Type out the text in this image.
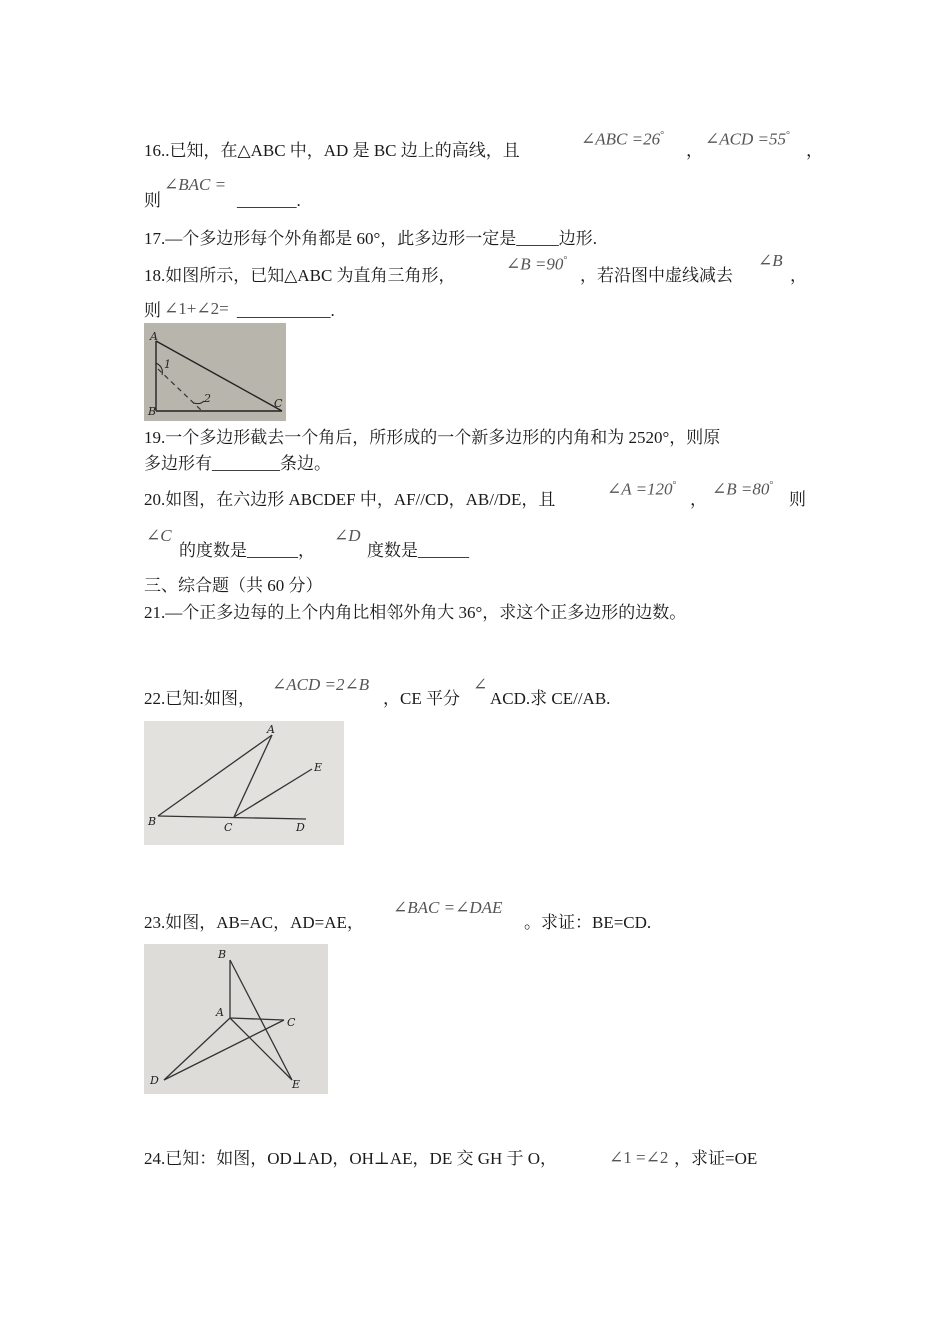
16..已知，在△ABC 中，AD 是 BC 边上的高线，且
∠ABC =26°
，
∠ACD =55°
，
则
∠BAC =
_______.
17.—个多边形每个外角都是 60°，此多边形一定是_____边形.
18.如图所示，已知△ABC 为直角三角形，
∠B =90°
，若沿图中虚线减去
∠B
，
则 ∠1+∠2= ___________.
A
1
2
B
C
19.一个多边形截去一个角后，所形成的一个新多边形的内角和为 2520°，则原
多边形有________条边。
20.如图，在六边形 ABCDEF 中，AF//CD，AB//DE，且
∠A =120°
，
∠B =80°
则
∠C
的度数是______，
∠D
度数是______
三、综合题（共 60 分）
21.—个正多边每的上个内角比相邻外角大 36°，求这个正多边形的边数。
22.已知:如图，
∠ACD =2∠B
，CE 平分
∠
ACD.求 CE//AB.
A
B	C	D
E
23.如图，AB=AC，AD=AE，
∠BAC =∠DAE
。求证：BE=CD.
B
A
C
D	E
24.已知：如图，OD⊥AD，OH⊥AE，DE 交 GH 于 O，	∠1 =∠2 ，求证=OE
